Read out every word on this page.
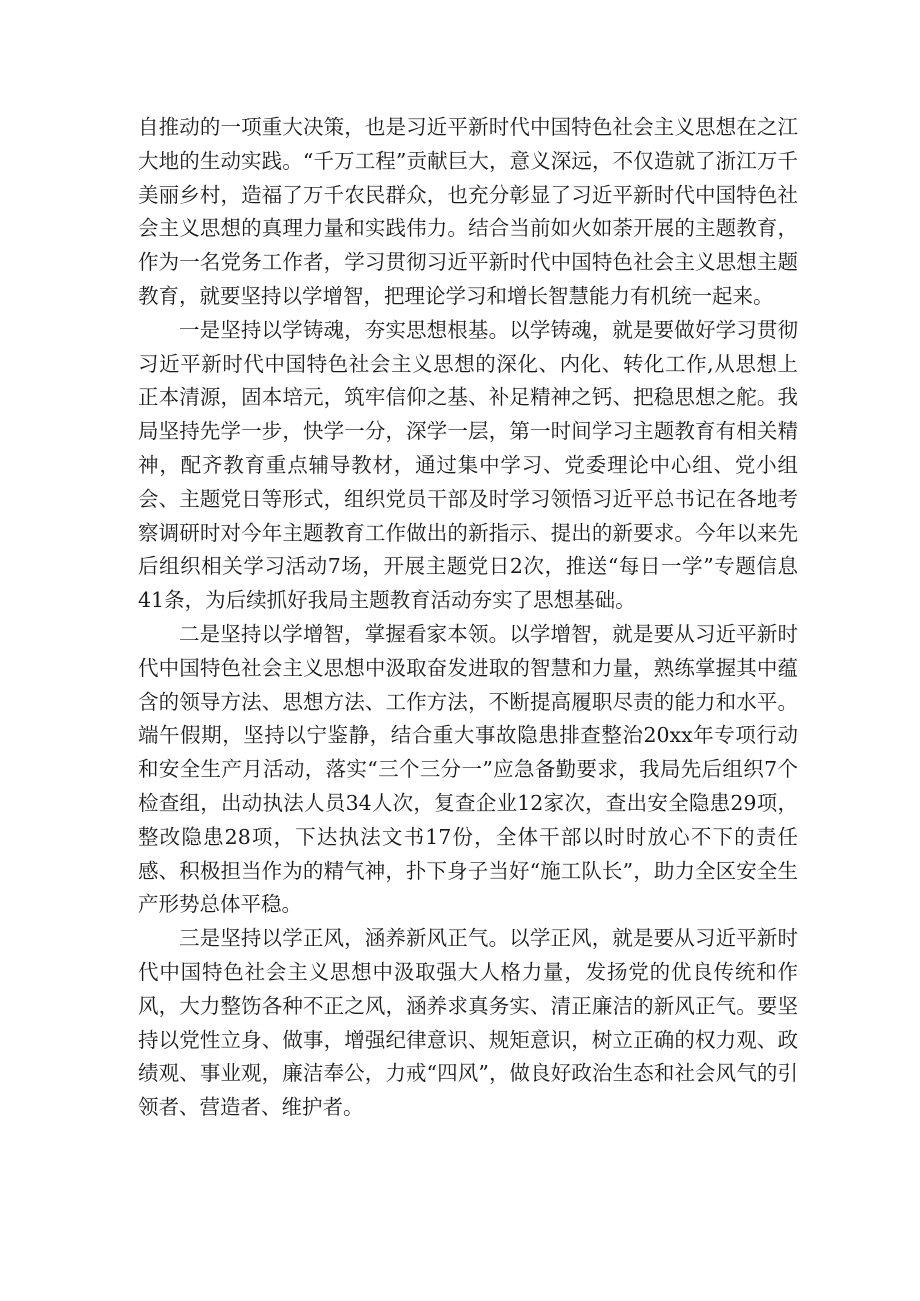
自推动的一项重大决策，也是习近平新时代中国特色社会主义思想在之江大地的生动实践。“千万工程”贡献巨大，意义深远，不仅造就了浙江万千美丽乡村，造福了万千农民群众，也充分彰显了习近平新时代中国特色社会主义思想的真理力量和实践伟力。结合当前如火如荼开展的主题教育，作为一名党务工作者，学习贯彻习近平新时代中国特色社会主义思想主题教育，就要坚持以学增智，把理论学习和增长智慧能力有机统一起来。

一是坚持以学铸魂，夯实思想根基。以学铸魂，就是要做好学习贯彻习近平新时代中国特色社会主义思想的深化、内化、转化工作,从思想上正本清源，固本培元，筑牢信仰之基、补足精神之钙、把稳思想之舵。我局坚持先学一步，快学一分，深学一层，第一时间学习主题教育有相关精神，配齐教育重点辅导教材，通过集中学习、党委理论中心组、党小组会、主题党日等形式，组织党员干部及时学习领悟习近平总书记在各地考察调研时对今年主题教育工作做出的新指示、提出的新要求。今年以来先后组织相关学习活动7场，开展主题党日2次，推送“每日一学”专题信息41条，为后续抓好我局主题教育活动夯实了思想基础。

二是坚持以学增智，掌握看家本领。以学增智，就是要从习近平新时代中国特色社会主义思想中汲取奋发进取的智慧和力量，熟练掌握其中蕴含的领导方法、思想方法、工作方法，不断提高履职尽责的能力和水平。端午假期，坚持以宁鉴静，结合重大事故隐患排查整治20xx年专项行动和安全生产月活动，落实“三个三分一”应急备勤要求，我局先后组织7个检查组，出动执法人员34人次，复查企业12家次，查出安全隐患29项，整改隐患28项，下达执法文书17份，全体干部以时时放心不下的责任感、积极担当作为的精气神，扑下身子当好“施工队长”，助力全区安全生产形势总体平稳。

三是坚持以学正风，涵养新风正气。以学正风，就是要从习近平新时代中国特色社会主义思想中汲取强大人格力量，发扬党的优良传统和作风，大力整饬各种不正之风，涵养求真务实、清正廉洁的新风正气。要坚持以党性立身、做事，增强纪律意识、规矩意识，树立正确的权力观、政绩观、事业观，廉洁奉公，力戒“四风”，做良好政治生态和社会风气的引领者、营造者、维护者。
